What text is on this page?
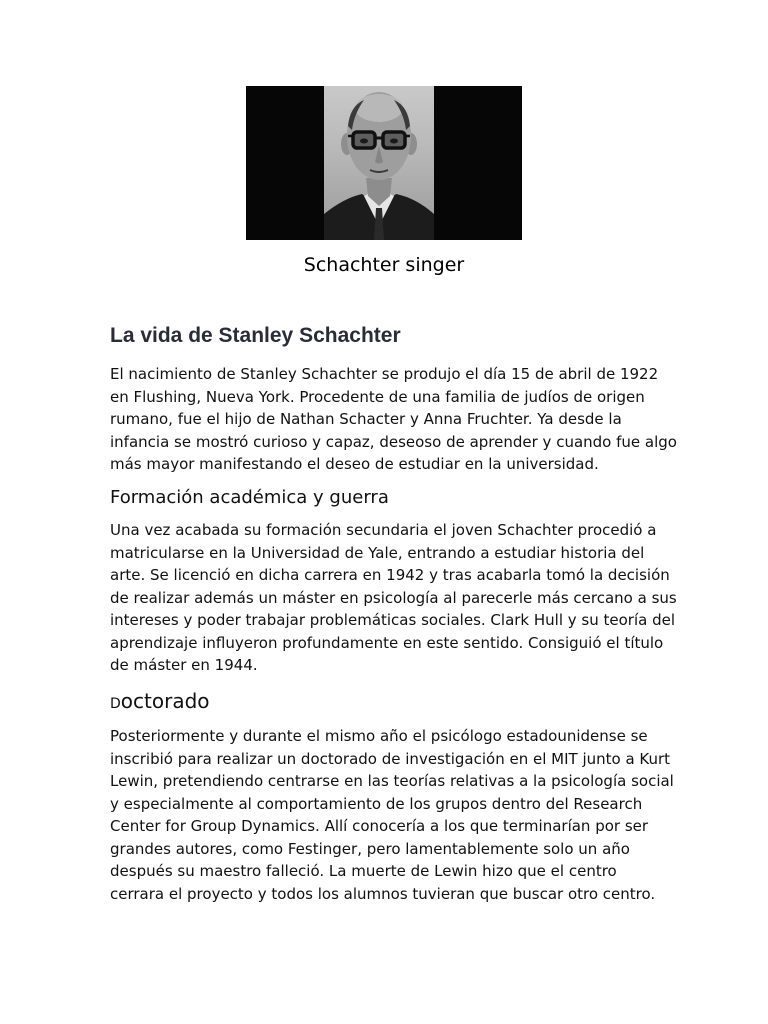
Schachter singer
La vida de Stanley Schachter
El nacimiento de Stanley Schachter se produjo el día 15 de abril de 1922
en Flushing, Nueva York. Procedente de una familia de judíos de origen
rumano, fue el hijo de Nathan Schacter y Anna Fruchter. Ya desde la
infancia se mostró curioso y capaz, deseoso de aprender y cuando fue algo
más mayor manifestando el deseo de estudiar en la universidad.
Formación académica y guerra
Una vez acabada su formación secundaria el joven Schachter procedió a
matricularse en la Universidad de Yale, entrando a estudiar historia del
arte. Se licenció en dicha carrera en 1942 y tras acabarla tomó la decisión
de realizar además un máster en psicología al parecerle más cercano a sus
intereses y poder trabajar problemáticas sociales. Clark Hull y su teoría del
aprendizaje influyeron profundamente en este sentido. Consiguió el título
de máster en 1944.
Doctorado
Posteriormente y durante el mismo año el psicólogo estadounidense se
inscribió para realizar un doctorado de investigación en el MIT junto a Kurt
Lewin, pretendiendo centrarse en las teorías relativas a la psicología social
y especialmente al comportamiento de los grupos dentro del Research
Center for Group Dynamics. Allí conocería a los que terminarían por ser
grandes autores, como Festinger, pero lamentablemente solo un año
después su maestro falleció. La muerte de Lewin hizo que el centro
cerrara el proyecto y todos los alumnos tuvieran que buscar otro centro.
